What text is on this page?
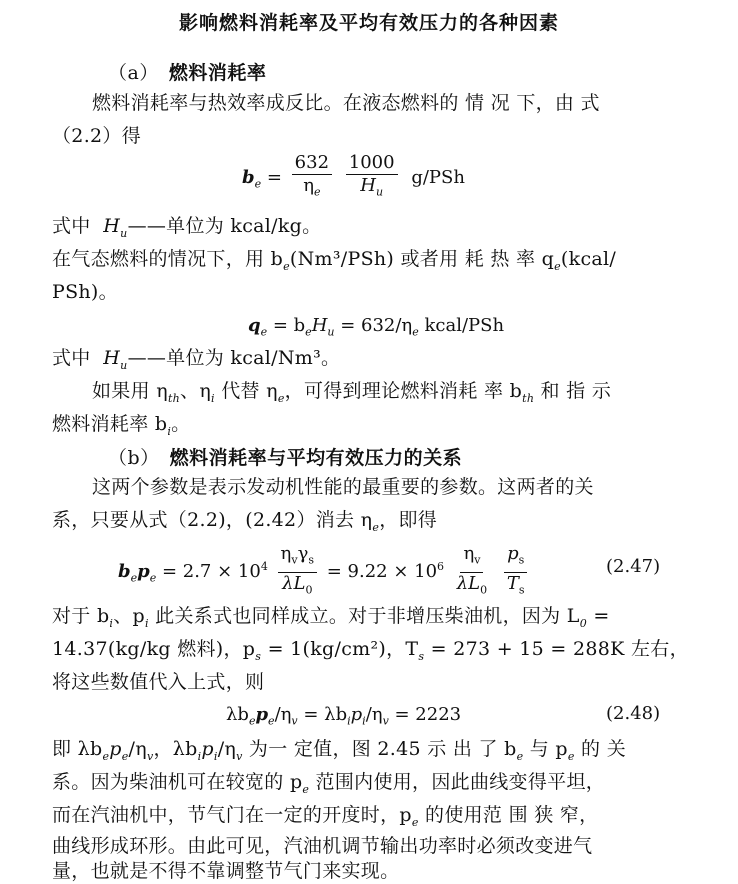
影响燃料消耗率及平均有效压力的各种因素
（a） 燃料消耗率
燃料消耗率与热效率成反比。在液态燃料的 情 况 下，由 式
（2.2）得
$b_e = \frac{632}{\eta_e}$
$\frac{1000}{H_u} g/PSh$
式中 $H_u——$单位为 kcal/kg。
在气态燃料的情况下，用 $b_e(Nm^3/PSh)$ 或者用 耗 热 率 $q_e(kcal/$
PSh)。
$q_e = b_eH_u = 632/\eta_e$ kcal/PSh
式中 $H_u——$单位为 kcal/Nm³。
如果用 $\eta_{th}$、$\eta_i$ 代替 $\eta_e$，可得到理论燃料消耗 率 $b_{th}$ 和 指 示
燃料消耗率 $b_i$。
（b） 燃料消耗率与平均有效压力的关系
这两个参数是表示发动机性能的最重要的参数。这两者的关
系，只要从式（2.2)，(2.42）消去 $\eta_e$，即得
$b_ep_e = 2.7 \times 10^4 \frac{\eta_v\gamma_s}{\lambda L_0} = 9.22 \times 10^6 \frac{\eta_v}{\lambda L_0}$
$\frac{p_s}{T_s}$	(2.47)
对于 $b_i$、$p_i$ 此关系式也同样成立。对于非增压柴油机，因为 $L_0$ =
14.37(kg/kg 燃料)，$p_s = 1(kg/cm^2)$，$T_s = 273 + 15 = 288K$ 左右，
将这些数值代入上式，则
$\lambda b_ep_e/\eta_v = \lambda b_ip_i/\eta_v = 2223$	(2.48)
即 $\lambda b_ep_e/\eta_v$，$\lambda b_ip_i/\eta_v$ 为一 定值，图 2.45 示 出 了 $b_e$ 与 $p_e$ 的 关
系。因为柴油机可在较宽的 $p_e$ 范围内使用，因此曲线变得平坦，
而在汽油机中，节气门在一定的开度时，$p_e$ 的使用范 围 狭 窄，
曲线形成环形。由此可见，汽油机调节输出功率时必须改变进气
量，也就是不得不靠调整节气门来实现。
